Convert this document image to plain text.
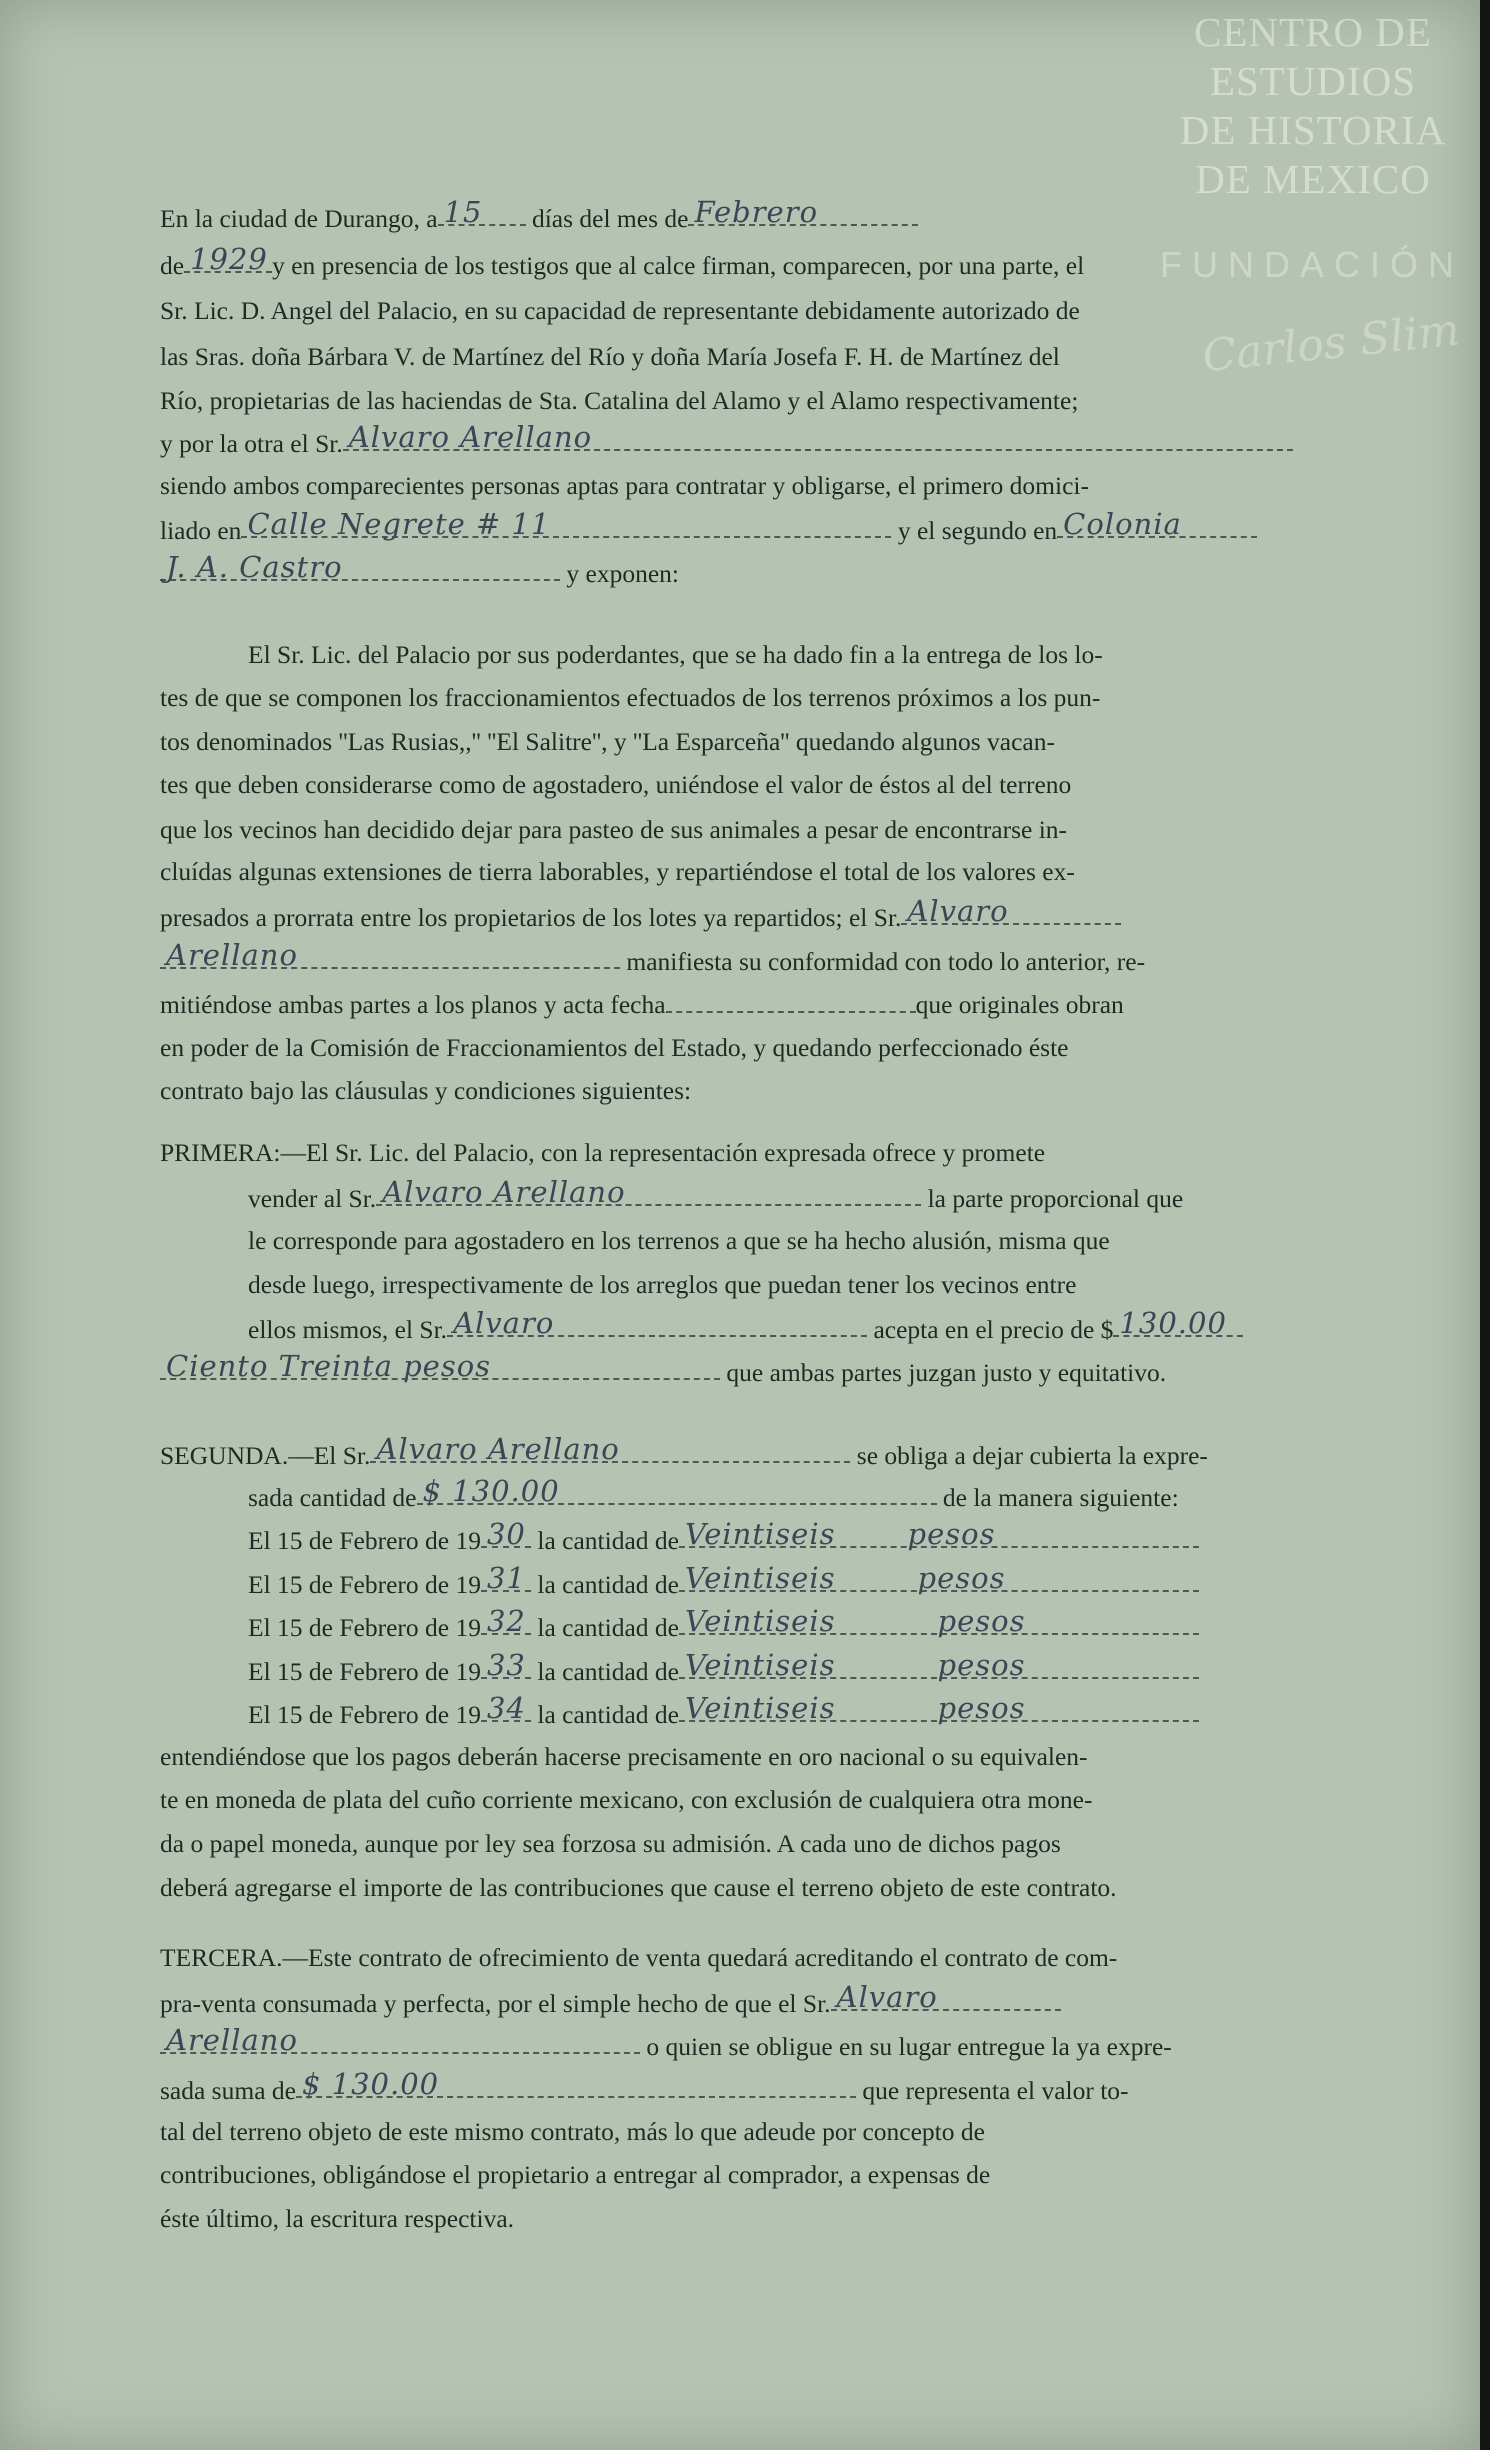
CENTRO DE
ESTUDIOS
DE HISTORIA
DE MEXICO
FUNDACIÓN
Carlos Slim
En la ciudad de Durango, a 15 días del mes de Febrero
de 1929 y en presencia de los testigos que al calce firman, comparecen, por una parte, el
Sr. Lic. D. Angel del Palacio, en su capacidad de representante debidamente autorizado de
las Sras. doña Bárbara V. de Martínez del Río y doña María Josefa F. H. de Martínez del
Río, propietarias de las haciendas de Sta. Catalina del Alamo y el Alamo respectivamente;
y por la otra el Sr. Alvaro Arellano
siendo ambos comparecientes personas aptas para contratar y obligarse, el primero domici-
liado en Calle Negrete # 11	y el segundo en Colonia
J. A. Castro	y exponen:
El Sr. Lic. del Palacio por sus poderdantes, que se ha dado fin a la entrega de los lo-
tes de que se componen los fraccionamientos efectuados de los terrenos próximos a los pun-
tos denominados ''Las Rusias,,'' ''El Salitre'', y ''La Esparceña'' quedando algunos vacan-
tes que deben considerarse como de agostadero, uniéndose el valor de éstos al del terreno
que los vecinos han decidido dejar para pasteo de sus animales a pesar de encontrarse in-
cluídas algunas extensiones de tierra laborables, y repartiéndose el total de los valores ex-
presados a prorrata entre los propietarios de los lotes ya repartidos; el Sr. Alvaro
Arellano	manifiesta su conformidad con todo lo anterior, re-
mitiéndose ambas partes a los planos y acta fecha	que originales obran
en poder de la Comisión de Fraccionamientos del Estado, y quedando perfeccionado éste
contrato bajo las cláusulas y condiciones siguientes:
PRIMERA:—El Sr. Lic. del Palacio, con la representación expresada ofrece y promete
vender al Sr. Alvaro Arellano	la parte proporcional que
le corresponde para agostadero en los terrenos a que se ha hecho alusión, misma que
desde luego, irrespectivamente de los arreglos que puedan tener los vecinos entre
ellos mismos, el Sr. Alvaro	acepta en el precio de $ 130.00
Ciento Treinta pesos	que ambas partes juzgan justo y equitativo.
SEGUNDA.—El Sr. Alvaro Arellano	se obliga a dejar cubierta la expre-
sada cantidad de $ 130.00	de la manera siguiente:
El 15 de Febrero de 19 30 la cantidad de Veintiseis pesos
El 15 de Febrero de 19 31 la cantidad de Veintiseis	pesos
El 15 de Febrero de 19 32 la cantidad de Veintiseis	pesos
El 15 de Febrero de 19 33 la cantidad de Veintiseis	pesos
El 15 de Febrero de 19 34 la cantidad de Veintiseis	pesos
entendiéndose que los pagos deberán hacerse precisamente en oro nacional o su equivalen-
te en moneda de plata del cuño corriente mexicano, con exclusión de cualquiera otra mone-
da o papel moneda, aunque por ley sea forzosa su admisión. A cada uno de dichos pagos
deberá agregarse el importe de las contribuciones que cause el terreno objeto de este contrato.
TERCERA.—Este contrato de ofrecimiento de venta quedará acreditando el contrato de com-
pra-venta consumada y perfecta, por el simple hecho de que el Sr. Alvaro
Arellano	o quien se obligue en su lugar entregue la ya expre-
sada suma de $ 130.00	que representa el valor to-
tal del terreno objeto de este mismo contrato, más lo que adeude por concepto de
contribuciones, obligándose el propietario a entregar al comprador, a expensas de
éste último, la escritura respectiva.
